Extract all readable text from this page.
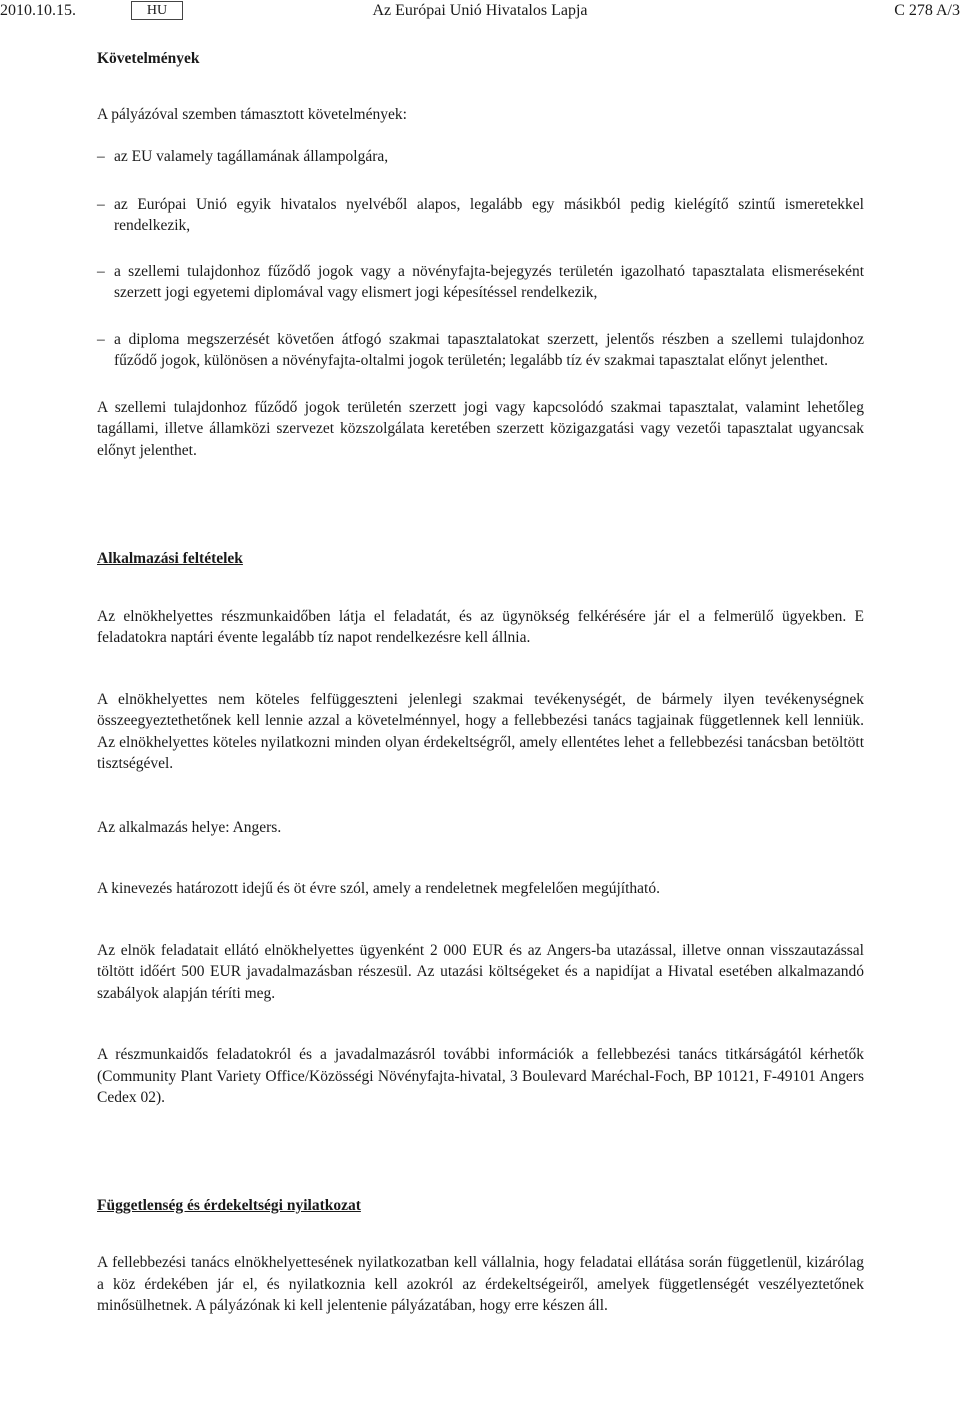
2010.10.15.	HU	Az Európai Unió Hivatalos Lapja	C 278 A/3

Követelmények

A pályázóval szemben támasztott követelmények:

– az EU valamely tagállamának állampolgára,
– az Európai Unió egyik hivatalos nyelvéből alapos, legalább egy másikból pedig kielégítő szintű ismeretekkel rendelkezik,
– a szellemi tulajdonhoz fűződő jogok vagy a növényfajta-bejegyzés területén igazolható tapasztalata elismeréseként szerzett jogi egyetemi diplomával vagy elismert jogi képesítéssel rendelkezik,
– a diploma megszerzését követően átfogó szakmai tapasztalatokat szerzett, jelentős részben a szellemi tulajdonhoz fűződő jogok, különösen a növényfajta-oltalmi jogok területén; legalább tíz év szakmai tapasztalat előnyt jelenthet.

A szellemi tulajdonhoz fűződő jogok területén szerzett jogi vagy kapcsolódó szakmai tapasztalat, valamint lehetőleg tagállami, illetve államközi szervezet közszolgálata keretében szerzett közigazgatási vagy vezetői tapasztalat ugyancsak előnyt jelenthet.

Alkalmazási feltételek

Az elnökhelyettes részmunkaidőben látja el feladatát, és az ügynökség felkérésére jár el a felmerülő ügyekben. E feladatokra naptári évente legalább tíz napot rendelkezésre kell állnia.

A elnökhelyettes nem köteles felfüggeszteni jelenlegi szakmai tevékenységét, de bármely ilyen tevékenységnek összeegyeztethetőnek kell lennie azzal a követelménnyel, hogy a fellebbezési tanács tagjainak függetlennek kell lenniük. Az elnökhelyettes köteles nyilatkozni minden olyan érdekeltségről, amely ellentétes lehet a fellebbezési tanácsban betöltött tisztségével.

Az alkalmazás helye: Angers.

A kinevezés határozott idejű és öt évre szól, amely a rendeletnek megfelelően megújítható.

Az elnök feladatait ellátó elnökhelyettes ügyenként 2 000 EUR és az Angers-ba utazással, illetve onnan visszautazással töltött időért 500 EUR javadalmazásban részesül. Az utazási költségeket és a napidíjat a Hivatal esetében alkalmazandó szabályok alapján téríti meg.

A részmunkaidős feladatokról és a javadalmazásról további információk a fellebbezési tanács titkárságától kérhetők (Community Plant Variety Office/Közösségi Növényfajta-hivatal, 3 Boulevard Maréchal-Foch, BP 10121, F-49101 Angers Cedex 02).

Függetlenség és érdekeltségi nyilatkozat

A fellebbezési tanács elnökhelyettesének nyilatkozatban kell vállalnia, hogy feladatai ellátása során függetlenül, kizárólag a köz érdekében jár el, és nyilatkoznia kell azokról az érdekeltségeiről, amelyek függetlenségét veszélyeztetőnek minősülhetnek. A pályázónak ki kell jelentenie pályázatában, hogy erre készen áll.
